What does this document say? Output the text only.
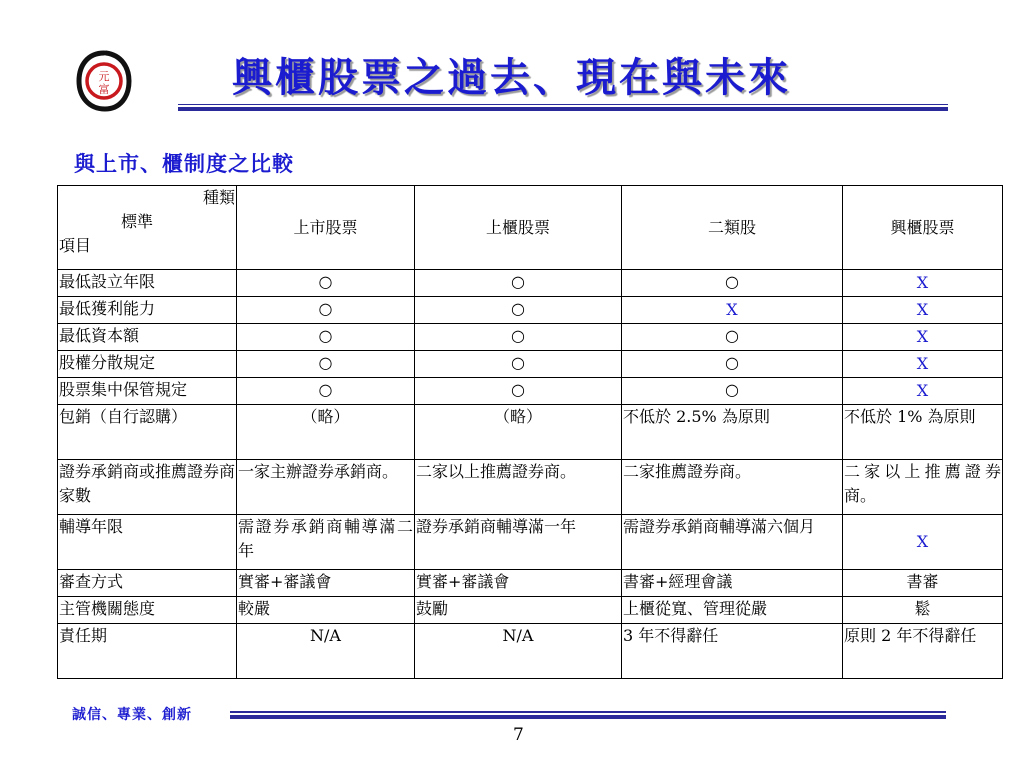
元
富	興櫃股票之過去、現在與未來
與上市、櫃制度之比較
種類
標準
項目	上市股票	上櫃股票	二類股	興櫃股票
最低設立年限	○	○	○	X
最低獲利能力	○	○	X	X
最低資本額	○	○	○	X
股權分散規定	○	○	○	X
股票集中保管規定	○	○	○	X
包銷（自行認購）	（略）	（略）	不低於 2.5% 為原則	不低於 1% 為原則
證券承銷商或推薦證券商家數	一家主辦證券承銷商。	二家以上推薦證券商。	二家推薦證券商。	二家以上推薦證券商。
輔導年限	需證券承銷商輔導滿二年	證券承銷商輔導滿一年	需證券承銷商輔導滿六個月	X
審查方式	實審+審議會	實審+審議會	書審+經理會議	書審
主管機關態度	較嚴	鼓勵	上櫃從寬、管理從嚴	鬆
責任期	N/A	N/A	3 年不得辭任	原則 2 年不得辭任
誠信、專業、創新
7
